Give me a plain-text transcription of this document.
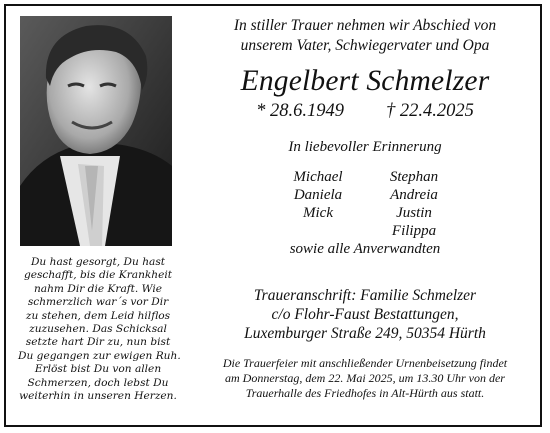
Du hast gesorgt, Du hast
geschafft, bis die Krankheit
nahm Dir die Kraft. Wie
schmerzlich war´s vor Dir
zu stehen, dem Leid hilflos
zuzusehen. Das Schicksal
setzte hart Dir zu, nun bist
Du gegangen zur ewigen Ruh.
Erlöst bist Du von allen
Schmerzen, doch lebst Du
weiterhin in unseren Herzen.
In stiller Trauer nehmen wir Abschied von
unserem Vater, Schwiegervater und Opa
Engelbert Schmelzer
* 28.6.1949 † 22.4.2025
In liebevoller Erinnerung
Michael
Daniela
Mick
Stephan
Andreia
Justin
Filippa
sowie alle Anverwandten
Traueranschrift: Familie Schmelzer
c/o Flohr-Faust Bestattungen,
Luxemburger Straße 249, 50354 Hürth
Die Trauerfeier mit anschließender Urnenbeisetzung findet
am Donnerstag, dem 22. Mai 2025, um 13.30 Uhr von der
Trauerhalle des Friedhofes in Alt-Hürth aus statt.
